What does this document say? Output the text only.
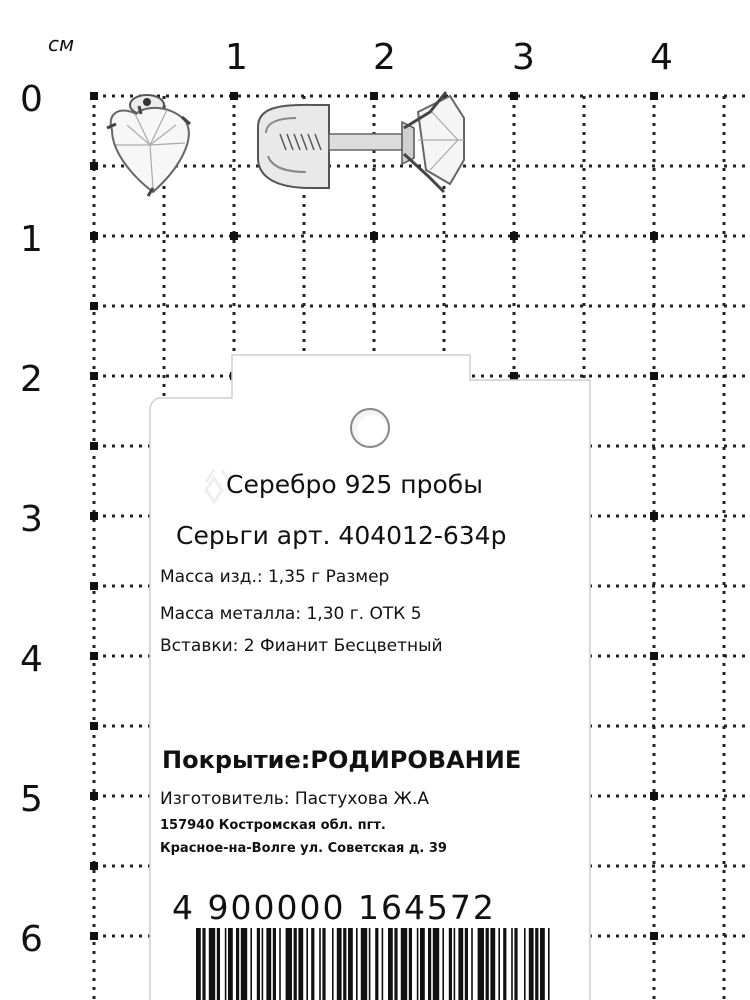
см	1	2	3	4
0
1
2
3
4
5
6
Серебро 925 пробы
Серьги арт. 404012-634р
Масса изд.: 1,35 г Размер
Масса металла: 1,30 г. ОТК 5
Вставки: 2 Фианит Бесцветный
Покрытие:РОДИРОВАНИЕ
Изготовитель: Пастухова Ж.А
157940 Костромская обл. пгт.
Красное-на-Волге ул. Советская д. 39
4 900000 164572
